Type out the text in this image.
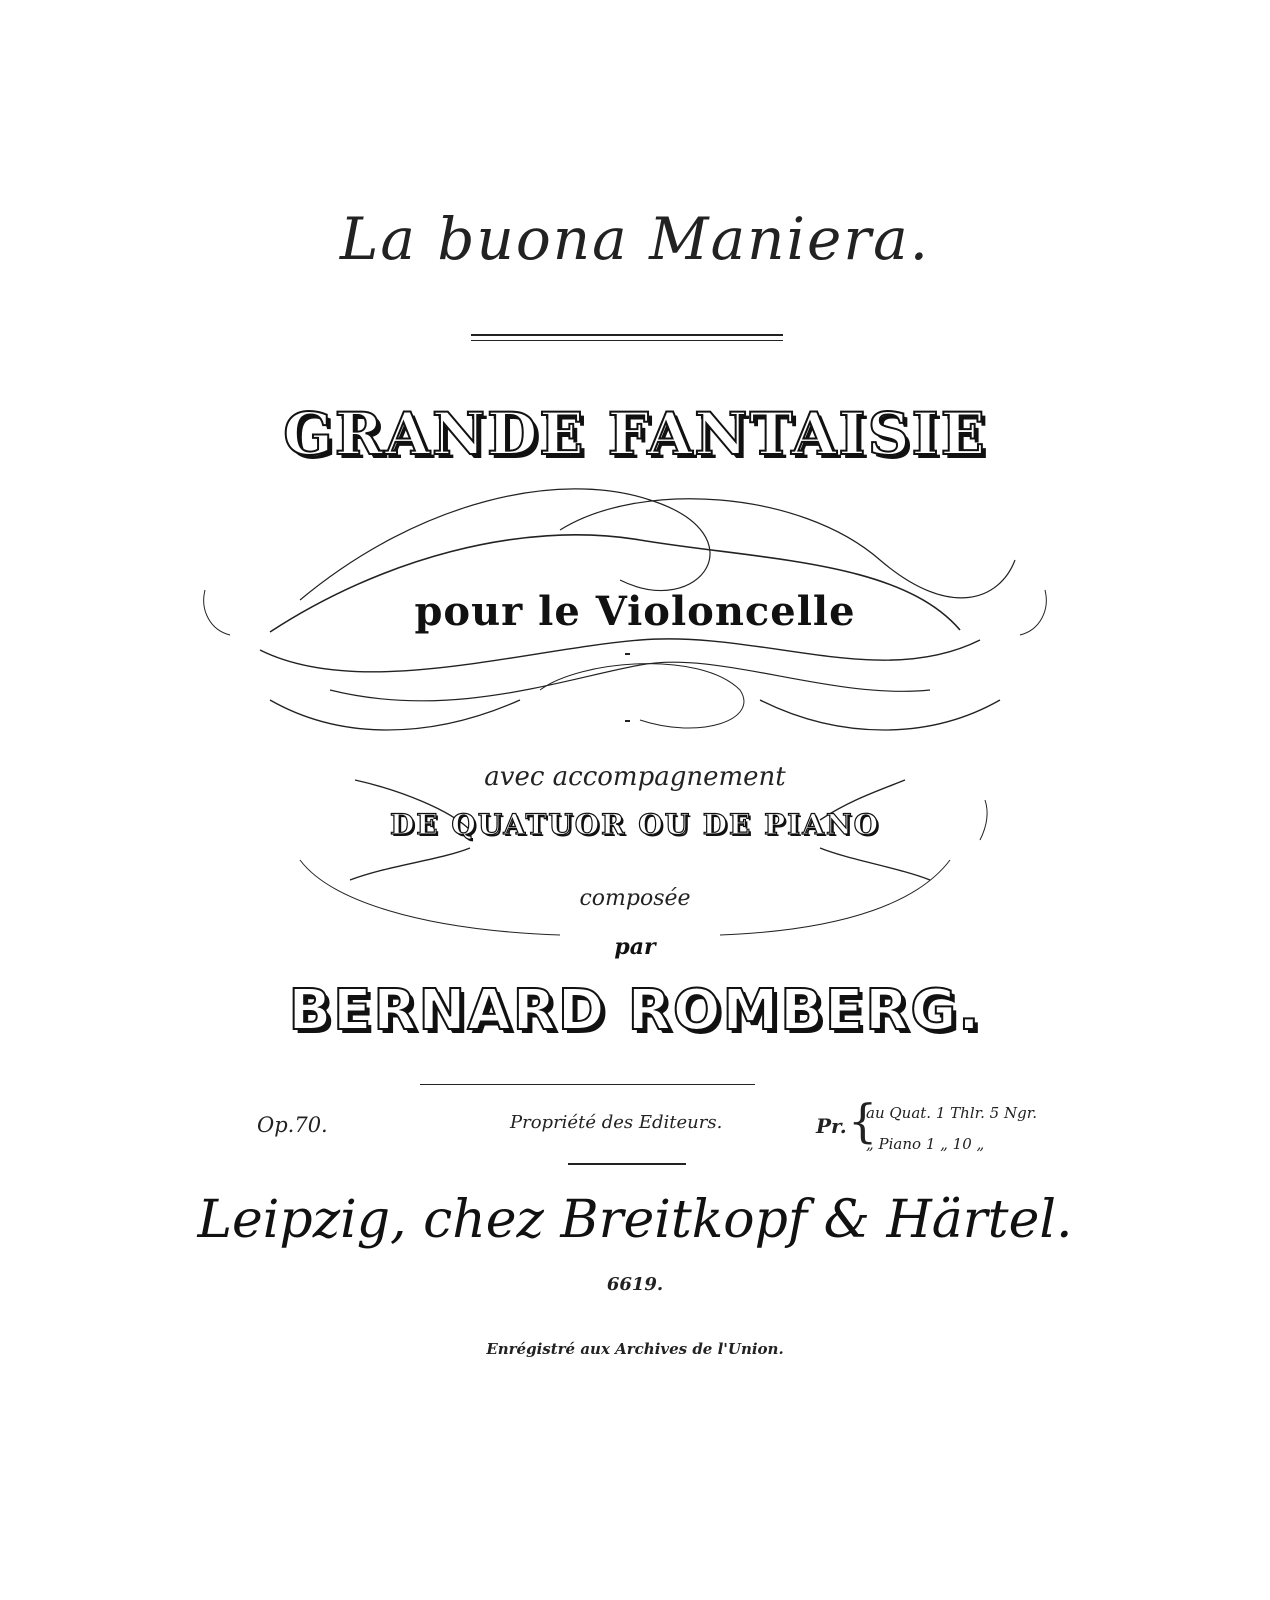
La buona Maniera.
GRANDE FANTAISIE
pour le Violoncelle
avec accompagnement
DE QUATUOR OU DE PIANO
composée
par
BERNARD ROMBERG.
Op.70.	Propriété des Editeurs.	Pr. {
au Quat. 1 Thlr. 5 Ngr.
„ Piano 1 „ 10 „
Leipzig, chez Breitkopf & Härtel.
6619.
Enrégistré aux Archives de l'Union.
